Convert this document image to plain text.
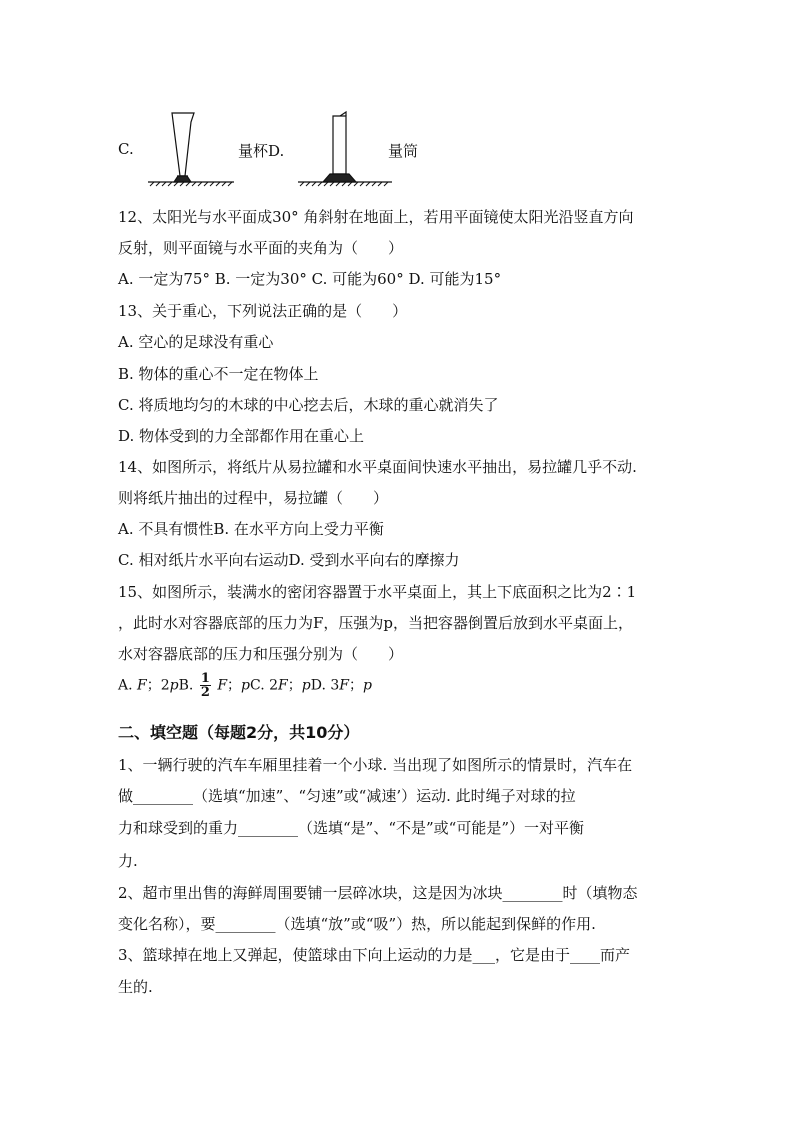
C.	量杯D.	量筒
12、太阳光与水平面成30° 角斜射在地面上，若用平面镜使太阳光沿竖直方向
反射，则平面镜与水平面的夹角为（　　）
A. 一定为75° B. 一定为30° C. 可能为60° D. 可能为15°
13、关于重心，下列说法正确的是（　　）
A. 空心的足球没有重心
B. 物体的重心不一定在物体上
C. 将质地均匀的木球的中心挖去后，木球的重心就消失了
D. 物体受到的力全部都作用在重心上
14、如图所示，将纸片从易拉罐和水平桌面间快速水平抽出，易拉罐几乎不动.
则将纸片抽出的过程中，易拉罐（　　）
A. 不具有惯性B. 在水平方向上受力平衡
C. 相对纸片水平向右运动D. 受到水平向右的摩擦力
15、如图所示，装满水的密闭容器置于水平桌面上，其上下底面积之比为2∶1
，此时水对容器底部的压力为F，压强为p，当把容器倒置后放到水平桌面上，
水对容器底部的压力和压强分别为（　　）
A. F；2pB. $\frac{1}{2}$ F；pC. 2F；pD. 3F；p
二、填空题（每题2分，共10分）
1、一辆行驶的汽车车厢里挂着一个小球. 当出现了如图所示的情景时，汽车在
做________（选填“加速”、“匀速”或“减速’）运动. 此时绳子对球的拉
力和球受到的重力________（选填“是”、“不是”或“可能是”）一对平衡
力.
2、超市里出售的海鲜周围要铺一层碎冰块，这是因为冰块________时（填物态
变化名称），要________（选填“放”或“吸”）热，所以能起到保鲜的作用.
3、篮球掉在地上又弹起，使篮球由下向上运动的力是___，它是由于____而产
生的.
